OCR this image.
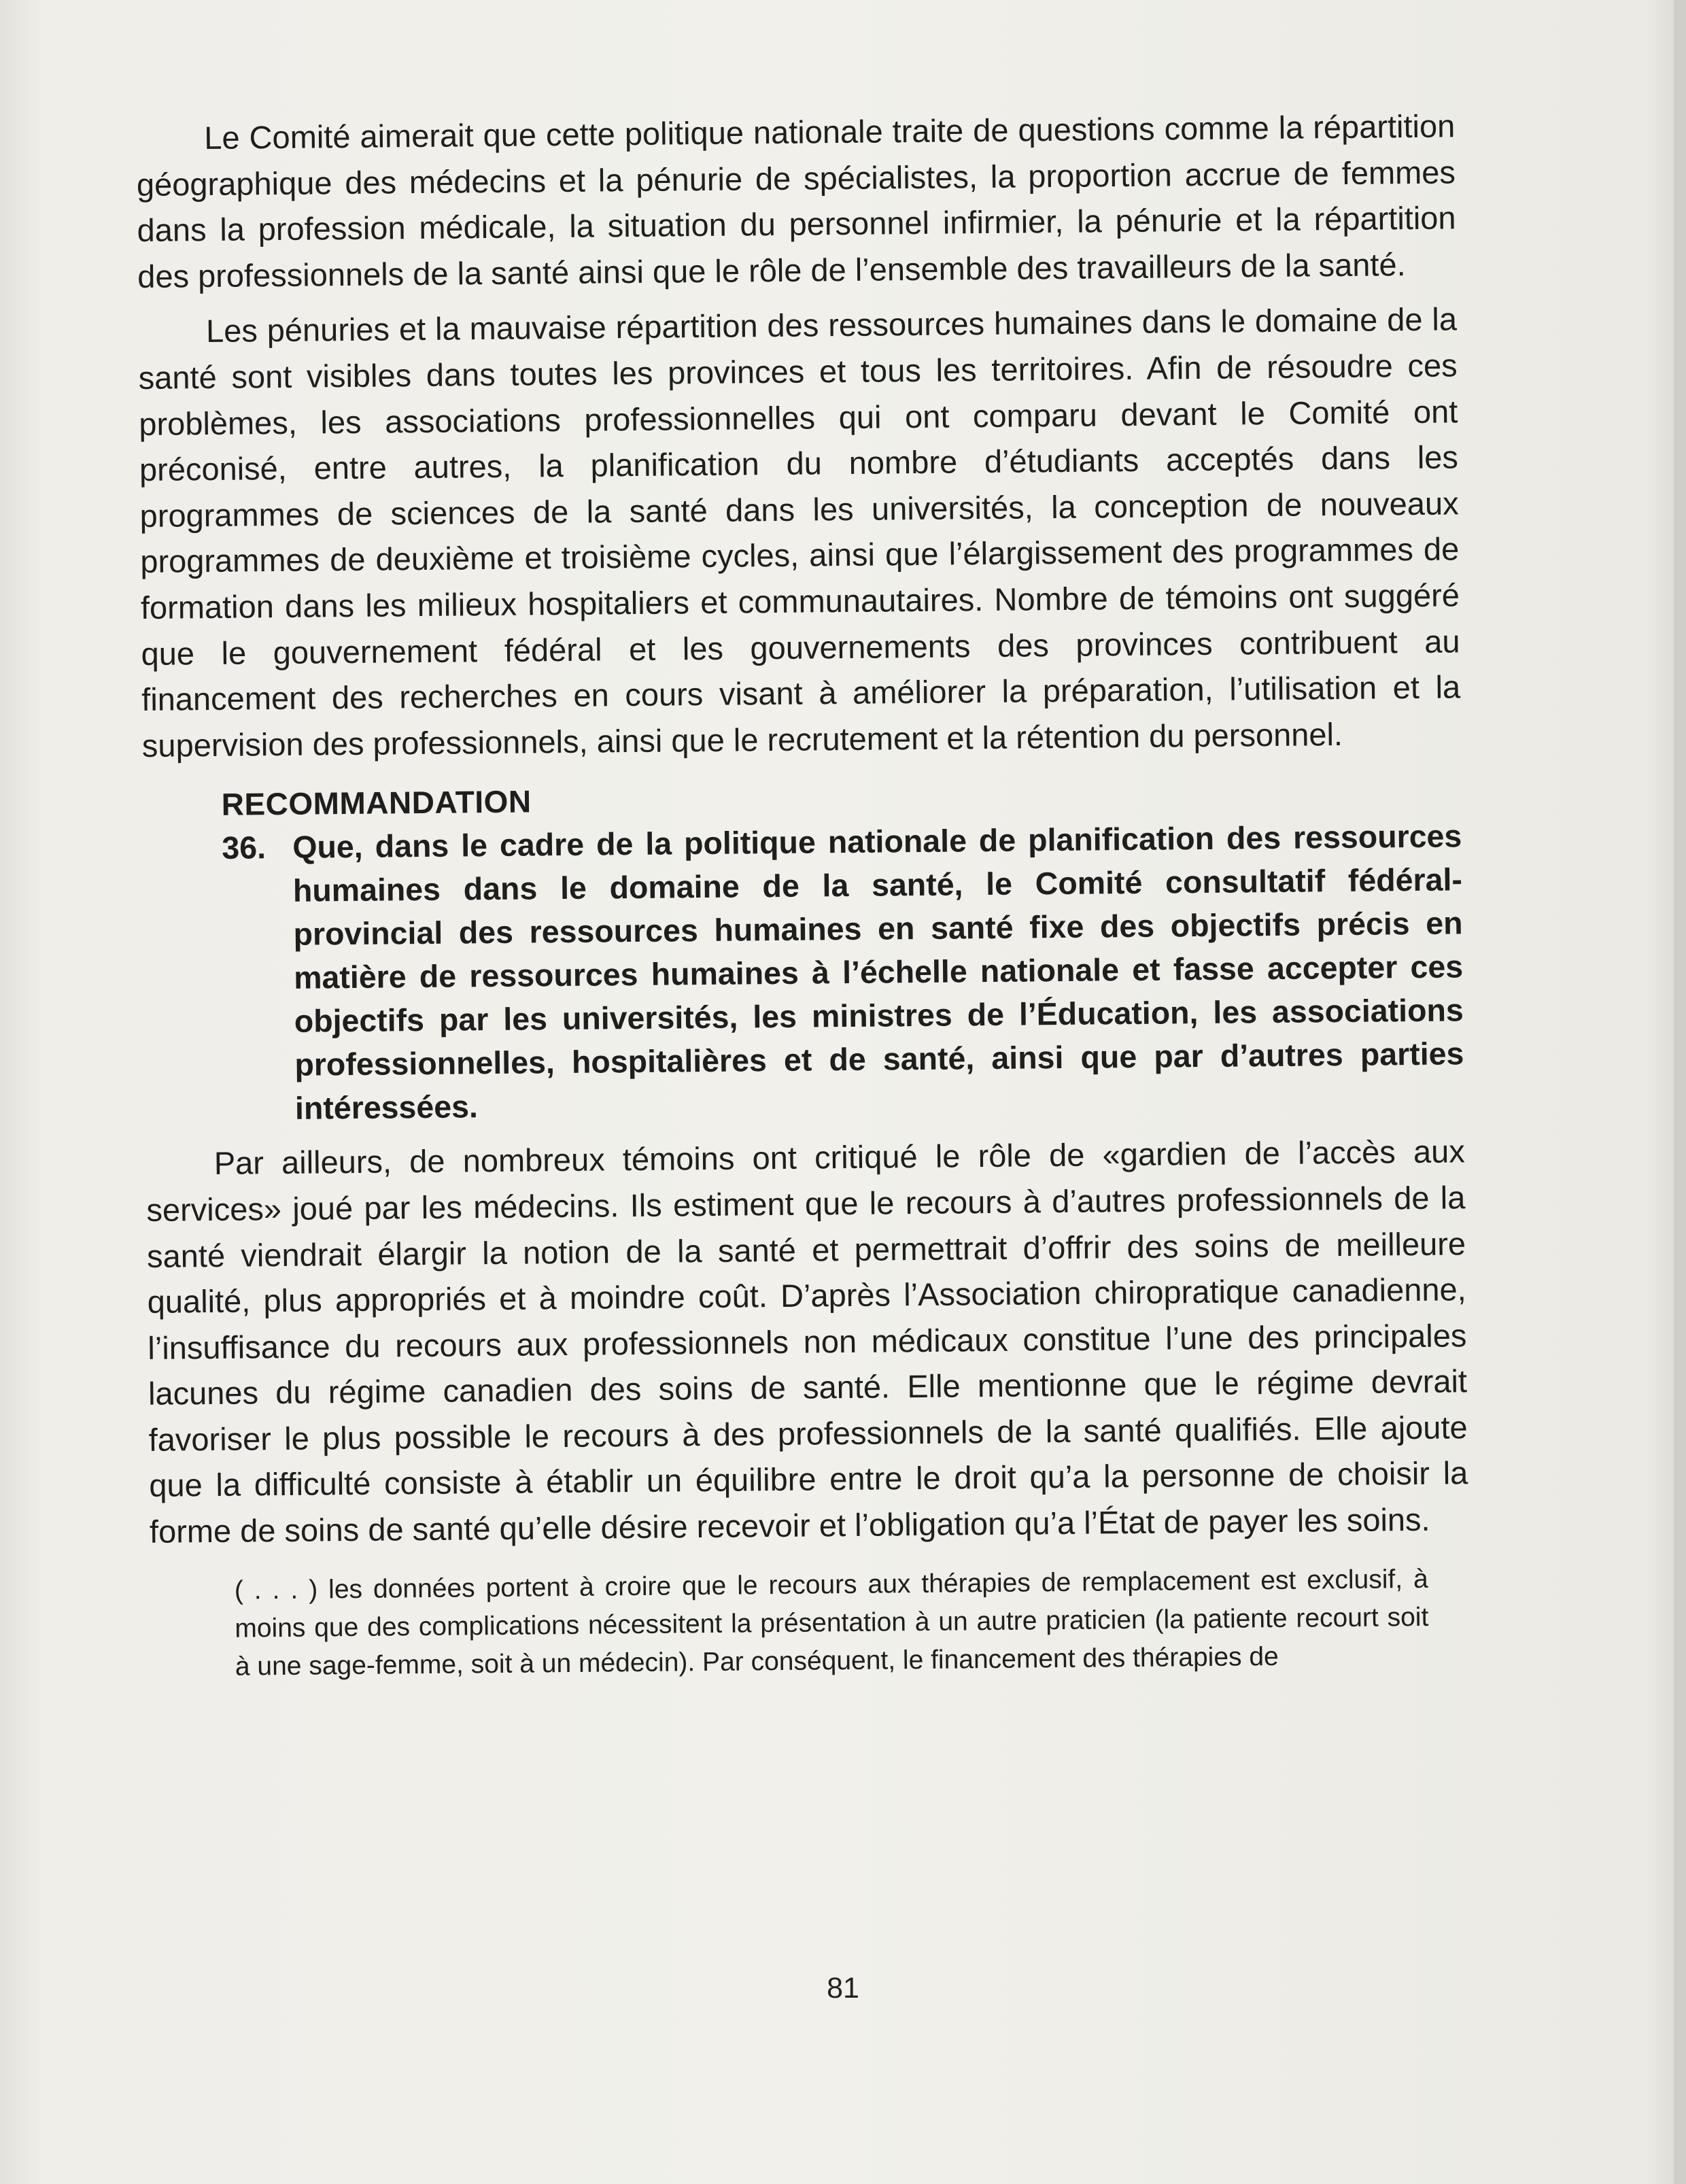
Le Comité aimerait que cette politique nationale traite de questions comme la répartition géographique des médecins et la pénurie de spécialistes, la proportion accrue de femmes dans la profession médicale, la situation du personnel infirmier, la pénurie et la répartition des professionnels de la santé ainsi que le rôle de l’ensemble des travailleurs de la santé.

Les pénuries et la mauvaise répartition des ressources humaines dans le domaine de la santé sont visibles dans toutes les provinces et tous les territoires. Afin de résoudre ces problèmes, les associations professionnelles qui ont comparu devant le Comité ont préconisé, entre autres, la planification du nombre d’étudiants acceptés dans les programmes de sciences de la santé dans les universités, la conception de nouveaux programmes de deuxième et troisième cycles, ainsi que l’élargissement des programmes de formation dans les milieux hospitaliers et communautaires. Nombre de témoins ont suggéré que le gouvernement fédéral et les gouvernements des provinces contribuent au financement des recherches en cours visant à améliorer la préparation, l’utilisation et la supervision des professionnels, ainsi que le recrutement et la rétention du personnel.

RECOMMANDATION
36. Que, dans le cadre de la politique nationale de planification des ressources humaines dans le domaine de la santé, le Comité consultatif fédéral-provincial des ressources humaines en santé fixe des objectifs précis en matière de ressources humaines à l’échelle nationale et fasse accepter ces objectifs par les universités, les ministres de l’Éducation, les associations professionnelles, hospitalières et de santé, ainsi que par d’autres parties intéressées.

Par ailleurs, de nombreux témoins ont critiqué le rôle de «gardien de l’accès aux services» joué par les médecins. Ils estiment que le recours à d’autres professionnels de la santé viendrait élargir la notion de la santé et permettrait d’offrir des soins de meilleure qualité, plus appropriés et à moindre coût. D’après l’Association chiropratique canadienne, l’insuffisance du recours aux professionnels non médicaux constitue l’une des principales lacunes du régime canadien des soins de santé. Elle mentionne que le régime devrait favoriser le plus possible le recours à des professionnels de la santé qualifiés. Elle ajoute que la difficulté consiste à établir un équilibre entre le droit qu’a la personne de choisir la forme de soins de santé qu’elle désire recevoir et l’obligation qu’a l’État de payer les soins.

( . . . ) les données portent à croire que le recours aux thérapies de remplacement est exclusif, à moins que des complications nécessitent la présentation à un autre praticien (la patiente recourt soit à une sage-femme, soit à un médecin). Par conséquent, le financement des thérapies de
81
